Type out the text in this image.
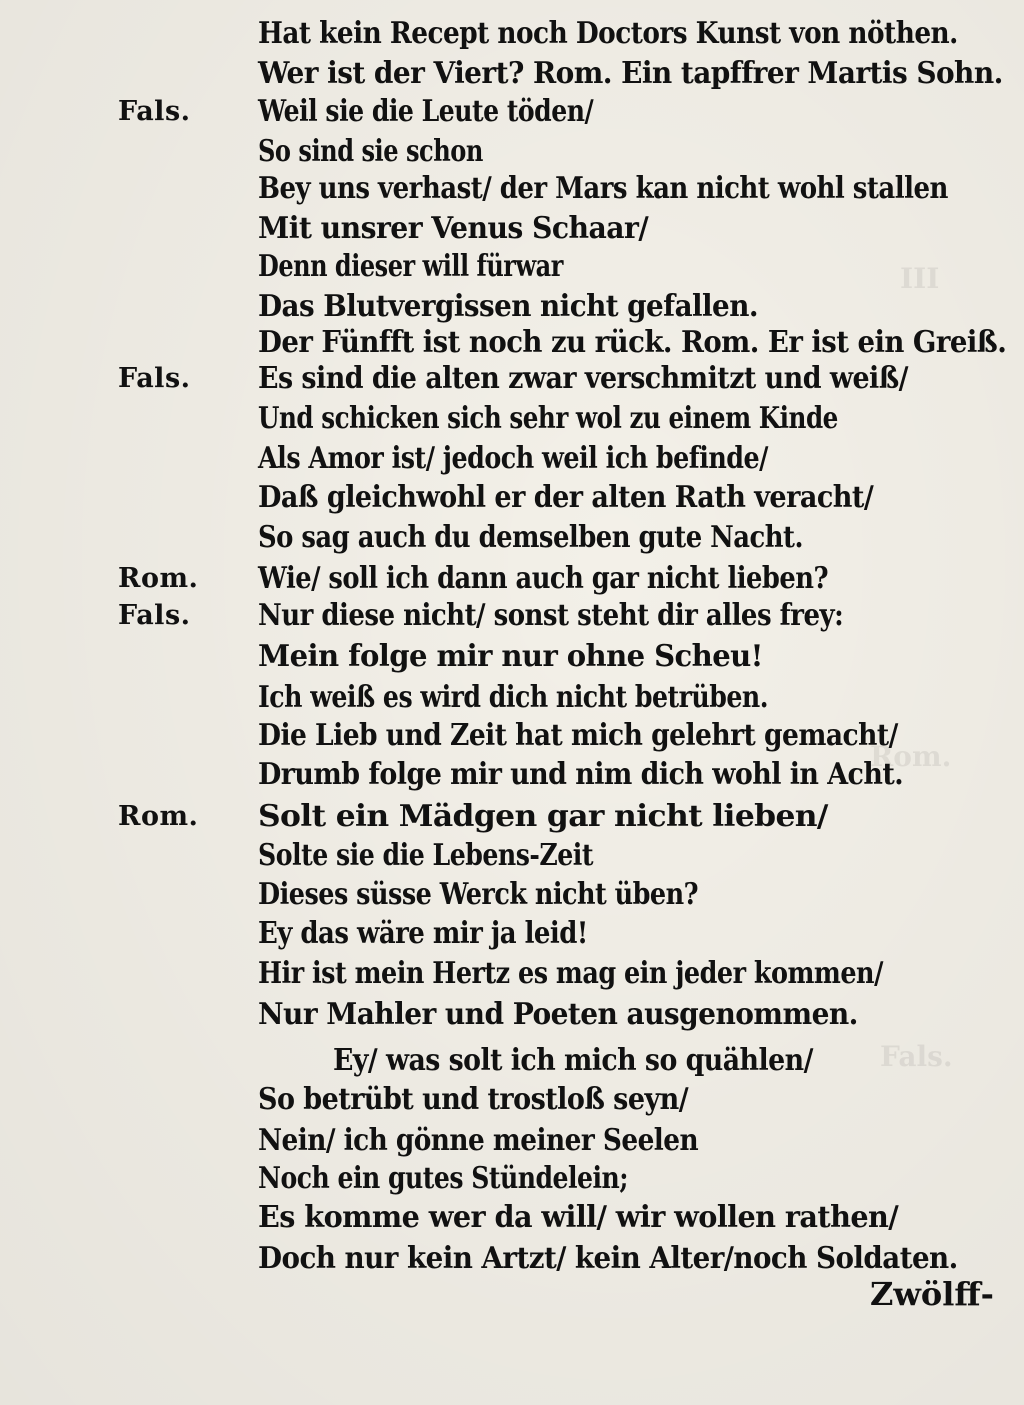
III
Rom.
Fals.
Hat kein Recept noch Doctors Kunst von nöthen.
Wer ist der Viert? Rom. Ein tapffrer Martis Sohn.
Fals. Weil sie die Leute töden/
So sind sie schon
Bey uns verhast/ der Mars kan nicht wohl stallen
Mit unsrer Venus Schaar/
Denn dieser will fürwar
Das Blutvergissen nicht gefallen.
Der Fünfft ist noch zu rück. Rom. Er ist ein Greiß.
Fals. Es sind die alten zwar verschmitzt und weiß/
Und schicken sich sehr wol zu einem Kinde
Als Amor ist/ jedoch weil ich befinde/
Daß gleichwohl er der alten Rath veracht/
So sag auch du demselben gute Nacht.
Rom. Wie/ soll ich dann auch gar nicht lieben?
Fals. Nur diese nicht/ sonst steht dir alles frey:
Mein folge mir nur ohne Scheu!
Ich weiß es wird dich nicht betrüben.
Die Lieb und Zeit hat mich gelehrt gemacht/
Drumb folge mir und nim dich wohl in Acht.
Rom. Solt ein Mädgen gar nicht lieben/
Solte sie die Lebens-Zeit
Dieses süsse Werck nicht üben?
Ey das wäre mir ja leid!
Hir ist mein Hertz es mag ein jeder kommen/
Nur Mahler und Poeten ausgenommen.
Ey/ was solt ich mich so quählen/
So betrübt und trostloß seyn/
Nein/ ich gönne meiner Seelen
Noch ein gutes Stündelein;
Es komme wer da will/ wir wollen rathen/
Doch nur kein Artzt/ kein Alter/noch Soldaten.
Zwölff-
